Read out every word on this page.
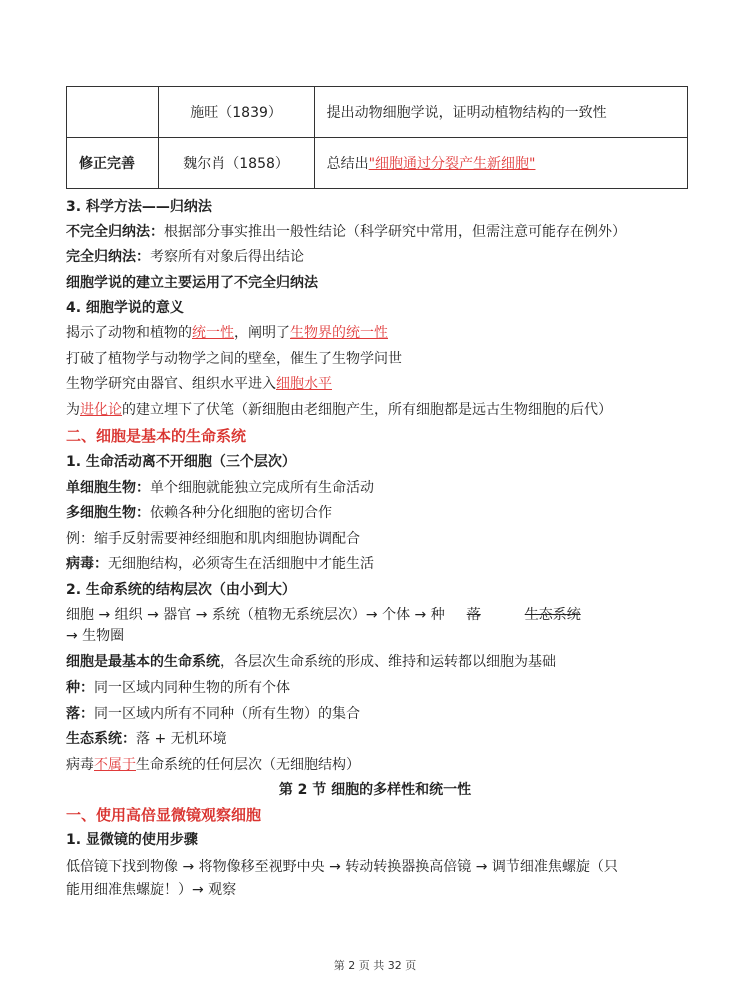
	施旺（1839）	提出动物细胞学说，证明动植物结构的一致性
修正完善	魏尔肖（1858）	总结出"细胞通过分裂产生新细胞"
3. 科学方法——归纳法
不完全归纳法：根据部分事实推出一般性结论（科学研究中常用，但需注意可能存在例外）
完全归纳法：考察所有对象后得出结论
细胞学说的建立主要运用了不完全归纳法
4. 细胞学说的意义
揭示了动物和植物的统一性，阐明了生物界的统一性
打破了植物学与动物学之间的壁垒，催生了生物学问世
生物学研究由器官、组织水平进入细胞水平
为进化论的建立埋下了伏笔（新细胞由老细胞产生，所有细胞都是远古生物细胞的后代）
二、细胞是基本的生命系统
1. 生命活动离不开细胞（三个层次）
单细胞生物：单个细胞就能独立完成所有生命活动
多细胞生物：依赖各种分化细胞的密切合作
例：缩手反射需要神经细胞和肌肉细胞协调配合
病毒：无细胞结构，必须寄生在活细胞中才能生活
2. 生命系统的结构层次（由小到大）
细胞 → 组织 → 器官 → 系统（植物无系统层次）→ 个体 → 种 落	生态系统
→ 生物圈
细胞是最基本的生命系统，各层次生命系统的形成、维持和运转都以细胞为基础
种：同一区域内同种生物的所有个体
落：同一区域内所有不同种（所有生物）的集合
生态系统：落 + 无机环境
病毒不属于生命系统的任何层次（无细胞结构）
第 2 节 细胞的多样性和统一性
一、使用高倍显微镜观察细胞
1. 显微镜的使用步骤
低倍镜下找到物像 → 将物像移至视野中央 → 转动转换器换高倍镜 → 调节细准焦螺旋（只
能用细准焦螺旋！）→ 观察
第 2 页 共 32 页
